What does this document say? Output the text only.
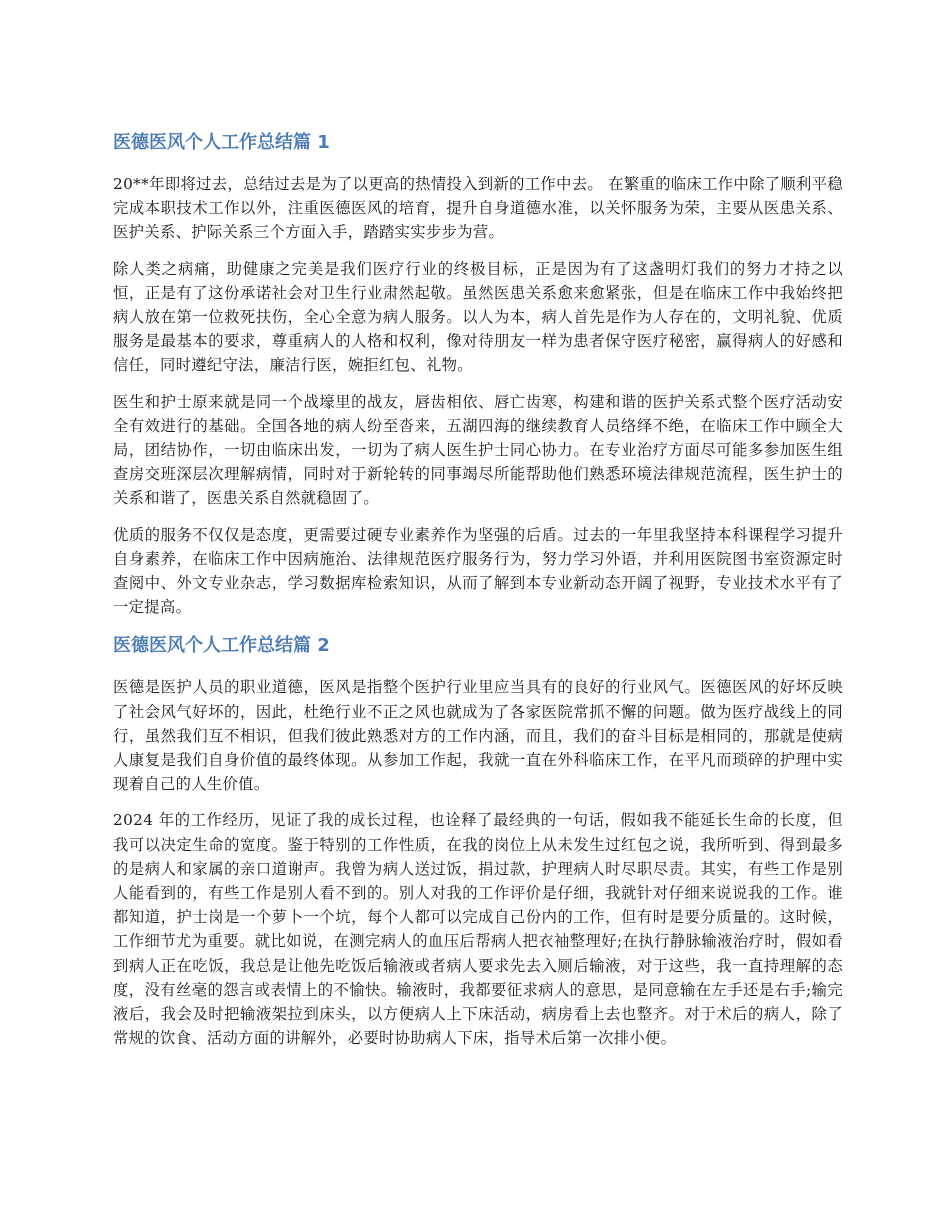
医德医风个人工作总结篇 1

20**年即将过去，总结过去是为了以更高的热情投入到新的工作中去。 在繁重的临床工作中除了顺利平稳完成本职技术工作以外，注重医德医风的培育，提升自身道德水准，以关怀服务为荣，主要从医患关系、医护关系、护际关系三个方面入手，踏踏实实步步为营。

除人类之病痛，助健康之完美是我们医疗行业的终极目标，正是因为有了这盏明灯我们的努力才持之以恒，正是有了这份承诺社会对卫生行业肃然起敬。虽然医患关系愈来愈紧张，但是在临床工作中我始终把病人放在第一位救死扶伤，全心全意为病人服务。以人为本，病人首先是作为人存在的，文明礼貌、优质服务是最基本的要求，尊重病人的人格和权利，像对待朋友一样为患者保守医疗秘密，赢得病人的好感和信任，同时遵纪守法，廉洁行医，婉拒红包、礼物。

医生和护士原来就是同一个战壕里的战友，唇齿相依、唇亡齿寒，构建和谐的医护关系式整个医疗活动安全有效进行的基础。全国各地的病人纷至沓来，五湖四海的继续教育人员络绎不绝，在临床工作中顾全大局，团结协作，一切由临床出发，一切为了病人医生护士同心协力。在专业治疗方面尽可能多参加医生组查房交班深层次理解病情，同时对于新轮转的同事竭尽所能帮助他们熟悉环境法律规范流程，医生护士的关系和谐了，医患关系自然就稳固了。

优质的服务不仅仅是态度，更需要过硬专业素养作为坚强的后盾。过去的一年里我坚持本科课程学习提升自身素养，在临床工作中因病施治、法律规范医疗服务行为，努力学习外语，并利用医院图书室资源定时查阅中、外文专业杂志，学习数据库检索知识，从而了解到本专业新动态开阔了视野，专业技术水平有了一定提高。

医德医风个人工作总结篇 2

医德是医护人员的职业道德，医风是指整个医护行业里应当具有的良好的行业风气。医德医风的好坏反映了社会风气好坏的，因此，杜绝行业不正之风也就成为了各家医院常抓不懈的问题。做为医疗战线上的同行，虽然我们互不相识，但我们彼此熟悉对方的工作内涵，而且，我们的奋斗目标是相同的，那就是使病人康复是我们自身价值的最终体现。从参加工作起，我就一直在外科临床工作，在平凡而琐碎的护理中实现着自己的人生价值。

2024 年的工作经历，见证了我的成长过程，也诠释了最经典的一句话，假如我不能延长生命的长度，但我可以决定生命的宽度。鉴于特别的工作性质，在我的岗位上从未发生过红包之说，我所听到、得到最多的是病人和家属的亲口道谢声。我曾为病人送过饭，捐过款，护理病人时尽职尽责。其实，有些工作是别人能看到的，有些工作是别人看不到的。别人对我的工作评价是仔细，我就针对仔细来说说我的工作。谁都知道，护士岗是一个萝卜一个坑，每个人都可以完成自己份内的工作，但有时是要分质量的。这时候，工作细节尤为重要。就比如说，在测完病人的血压后帮病人把衣袖整理好;在执行静脉输液治疗时，假如看到病人正在吃饭，我总是让他先吃饭后输液或者病人要求先去入厕后输液，对于这些，我一直持理解的态度，没有丝毫的怨言或表情上的不愉快。输液时，我都要征求病人的意思，是同意输在左手还是右手;输完液后，我会及时把输液架拉到床头，以方便病人上下床活动，病房看上去也整齐。对于术后的病人，除了常规的饮食、活动方面的讲解外，必要时协助病人下床，指导术后第一次排小便。
